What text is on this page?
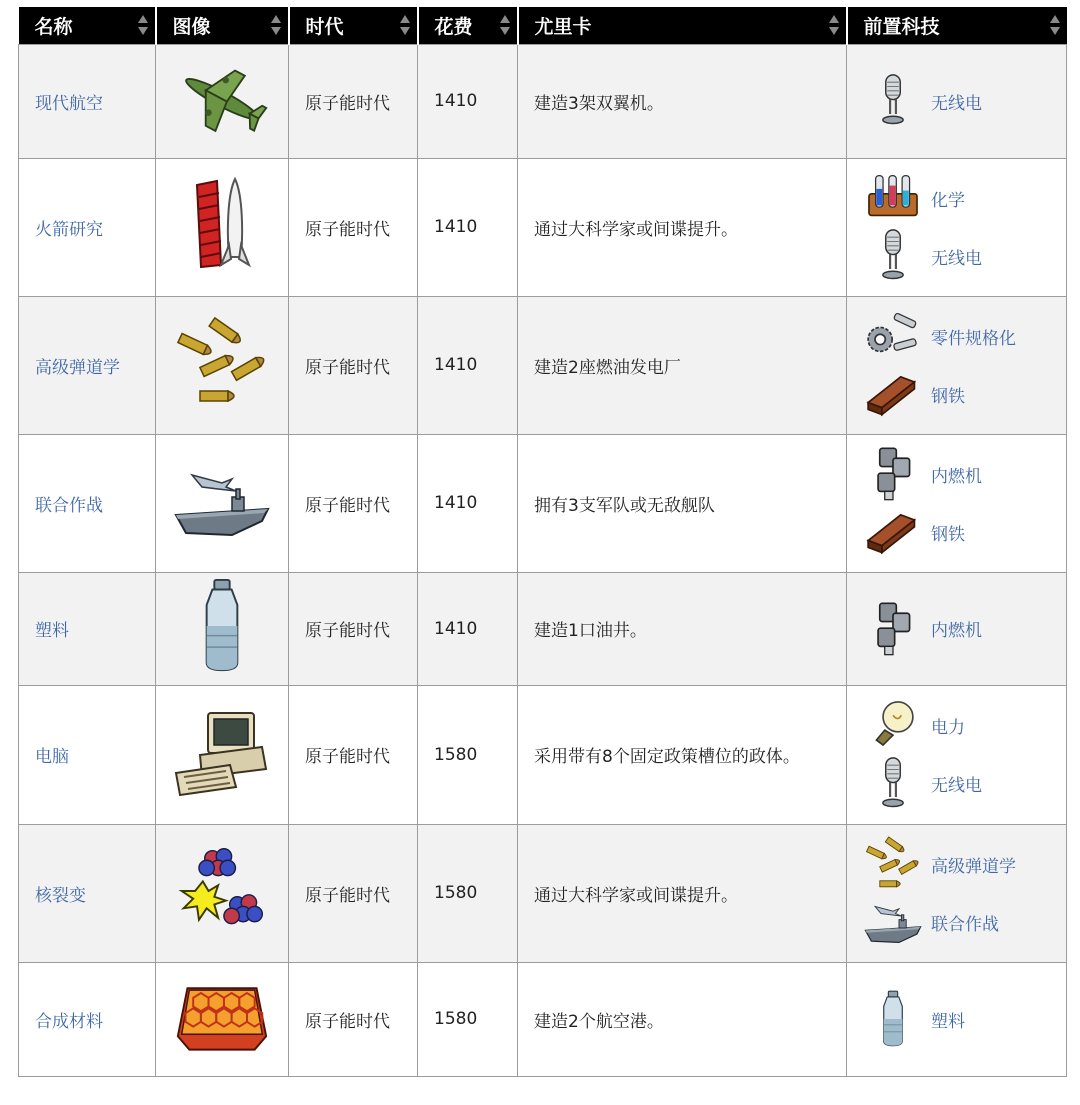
名称	图像	时代	花费	尤里卡	前置科技

现代航空		原子能时代	1410	建造3架双翼机。	无线电

火箭研究		原子能时代	1410	通过大科学家或间谍提升。	化学
无线电

高级弹道学		原子能时代	1410	建造2座燃油发电厂	零件规格化
钢铁

联合作战		原子能时代	1410	拥有3支军队或无敌舰队	内燃机
钢铁

塑料		原子能时代	1410	建造1口油井。	内燃机

电脑		原子能时代	1580	采用带有8个固定政策槽位的政体。	电力
无线电

核裂变		原子能时代	1580	通过大科学家或间谍提升。	高级弹道学
联合作战

合成材料		原子能时代	1580	建造2个航空港。	塑料
